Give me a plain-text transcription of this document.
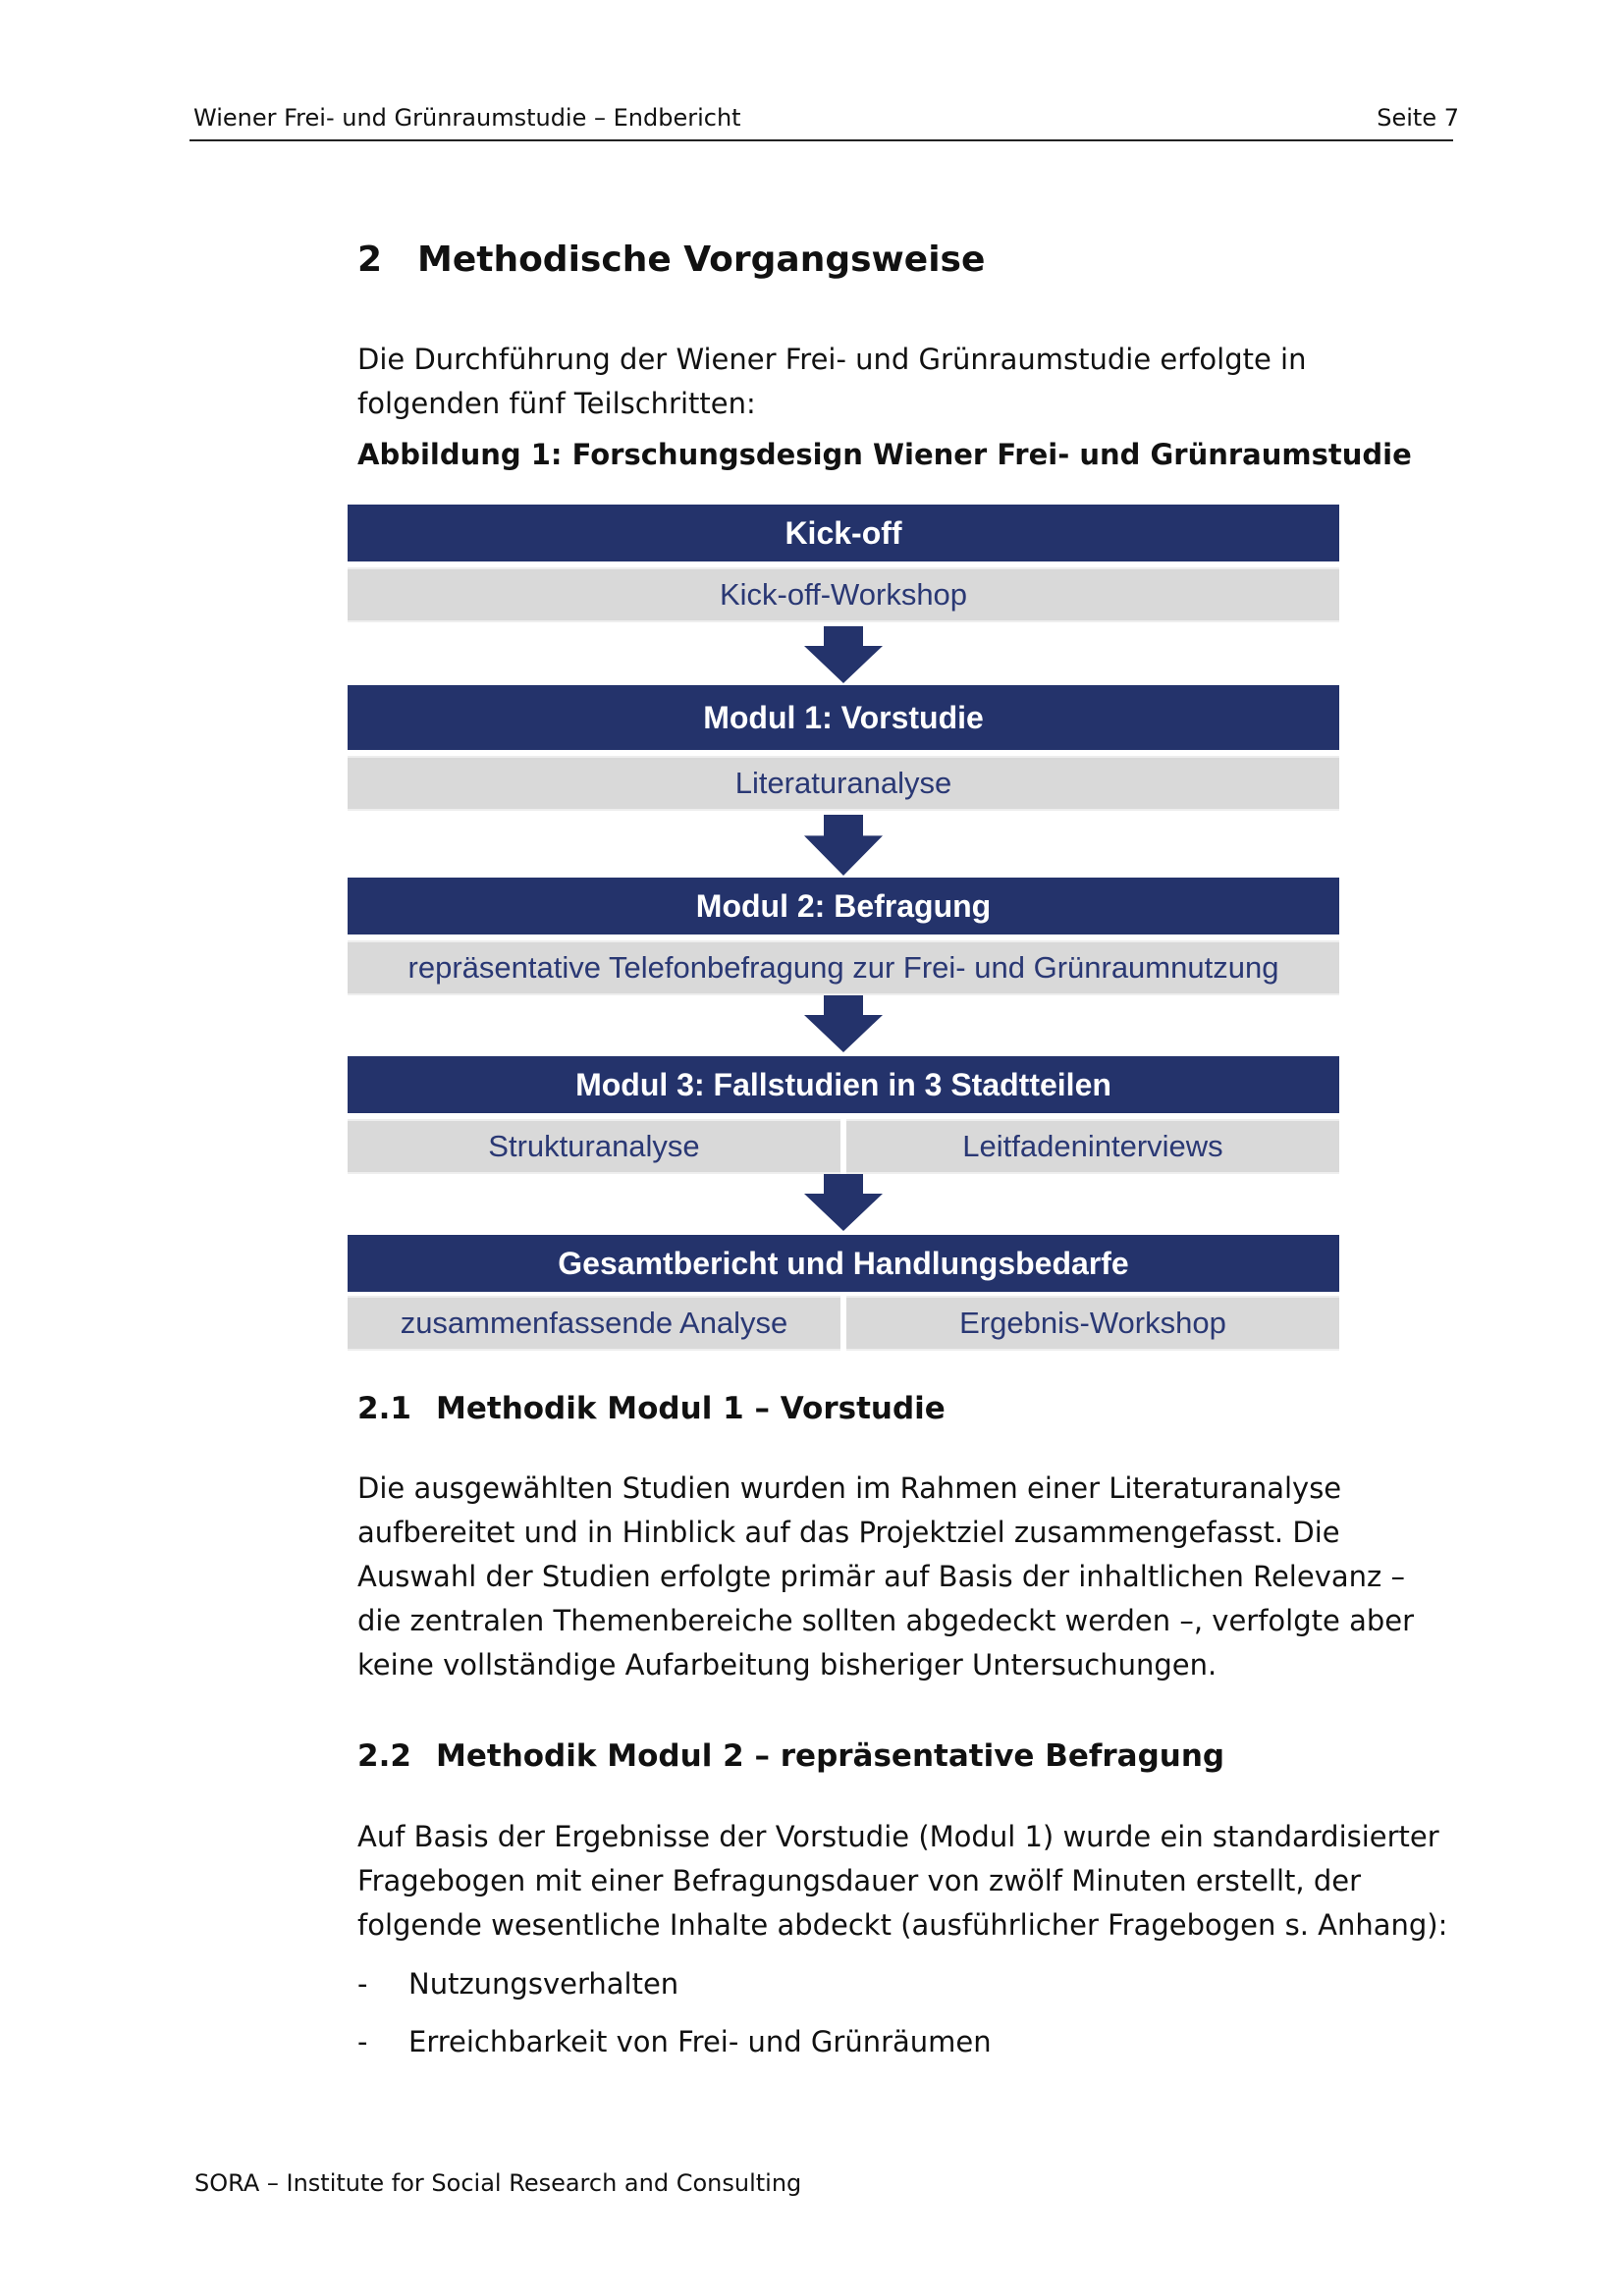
Wiener Frei- und Grünraumstudie – Endbericht	Seite 7
2 Methodische Vorgangsweise

Die Durchführung der Wiener Frei- und Grünraumstudie erfolgte in folgenden fünf Teilschritten:

Abbildung 1: Forschungsdesign Wiener Frei- und Grünraumstudie
Kick-off
Kick-off-Workshop
Modul 1: Vorstudie
Literaturanalyse
Modul 2: Befragung
repräsentative Telefonbefragung zur Frei- und Grünraumnutzung
Modul 3: Fallstudien in 3 Stadtteilen
Strukturanalyse	Leitfadeninterviews
Gesamtbericht und Handlungsbedarfe
zusammenfassende Analyse	Ergebnis-Workshop
2.1 Methodik Modul 1 – Vorstudie

Die ausgewählten Studien wurden im Rahmen einer Literaturanalyse aufbereitet und in Hinblick auf das Projektziel zusammengefasst. Die Auswahl der Studien erfolgte primär auf Basis der inhaltlichen Relevanz – die zentralen Themenbereiche sollten abgedeckt werden –, verfolgte aber keine vollständige Aufarbeitung bisheriger Untersuchungen.

2.2 Methodik Modul 2 – repräsentative Befragung

Auf Basis der Ergebnisse der Vorstudie (Modul 1) wurde ein standardisierter Fragebogen mit einer Befragungsdauer von zwölf Minuten erstellt, der folgende wesentliche Inhalte abdeckt (ausführlicher Fragebogen s. Anhang):

- Nutzungsverhalten
- Erreichbarkeit von Frei- und Grünräumen
SORA – Institute for Social Research and Consulting
